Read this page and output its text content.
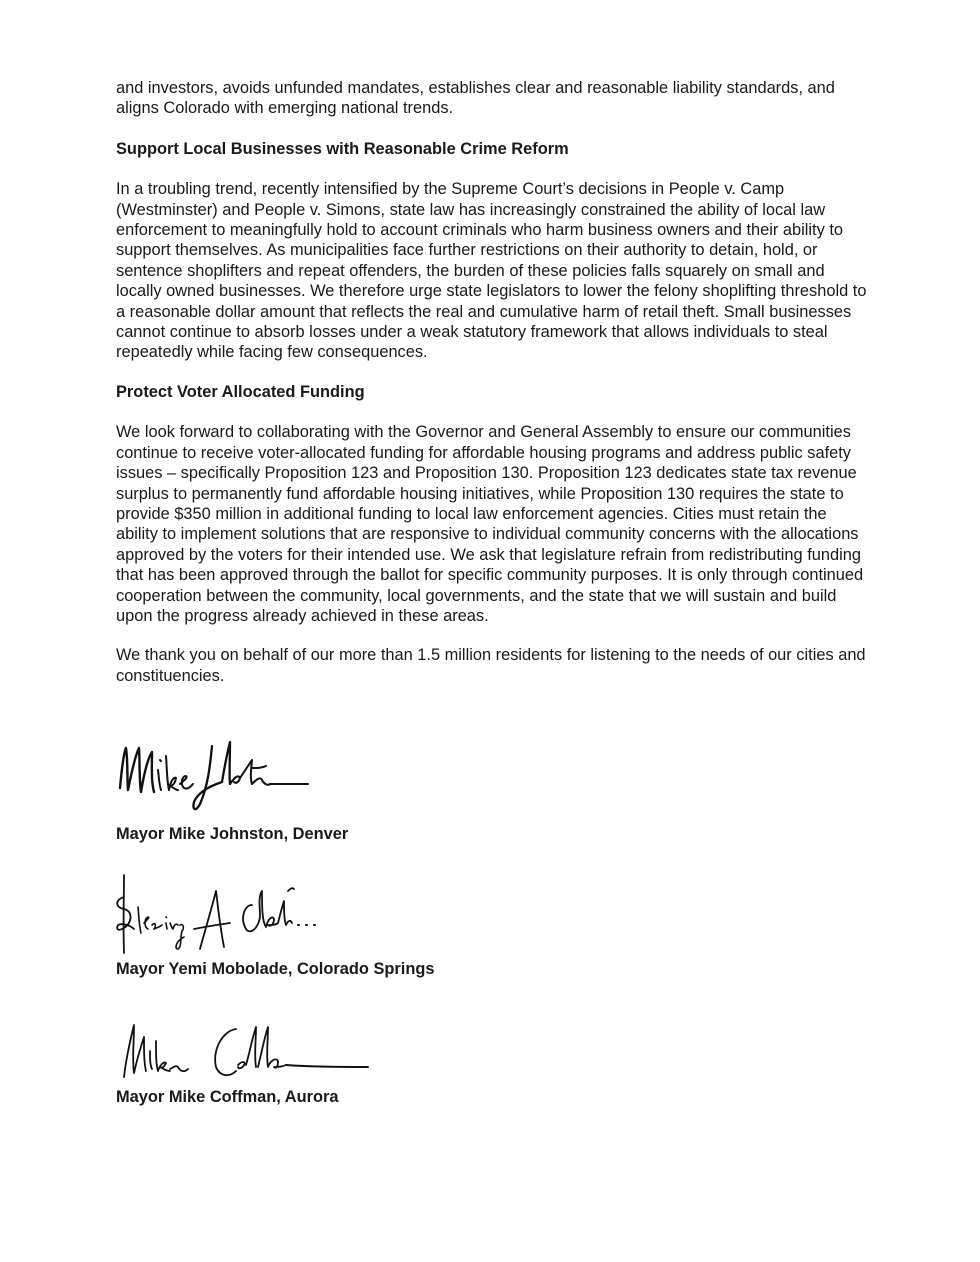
and investors, avoids unfunded mandates, establishes clear and reasonable liability standards, and aligns Colorado with emerging national trends.

Support Local Businesses with Reasonable Crime Reform

In a troubling trend, recently intensified by the Supreme Court’s decisions in People v. Camp (Westminster) and People v. Simons, state law has increasingly constrained the ability of local law enforcement to meaningfully hold to account criminals who harm business owners and their ability to support themselves. As municipalities face further restrictions on their authority to detain, hold, or sentence shoplifters and repeat offenders, the burden of these policies falls squarely on small and locally owned businesses. We therefore urge state legislators to lower the felony shoplifting threshold to a reasonable dollar amount that reflects the real and cumulative harm of retail theft. Small businesses cannot continue to absorb losses under a weak statutory framework that allows individuals to steal repeatedly while facing few consequences.

Protect Voter Allocated Funding

We look forward to collaborating with the Governor and General Assembly to ensure our communities continue to receive voter-allocated funding for affordable housing programs and address public safety issues – specifically Proposition 123 and Proposition 130. Proposition 123 dedicates state tax revenue surplus to permanently fund affordable housing initiatives, while Proposition 130 requires the state to provide $350 million in additional funding to local law enforcement agencies. Cities must retain the ability to implement solutions that are responsive to individual community concerns with the allocations approved by the voters for their intended use. We ask that legislature refrain from redistributing funding that has been approved through the ballot for specific community purposes. It is only through continued cooperation between the community, local governments, and the state that we will sustain and build upon the progress already achieved in these areas.

We thank you on behalf of our more than 1.5 million residents for listening to the needs of our cities and constituencies.

Mayor Mike Johnston, Denver

Mayor Yemi Mobolade, Colorado Springs

Mayor Mike Coffman, Aurora
